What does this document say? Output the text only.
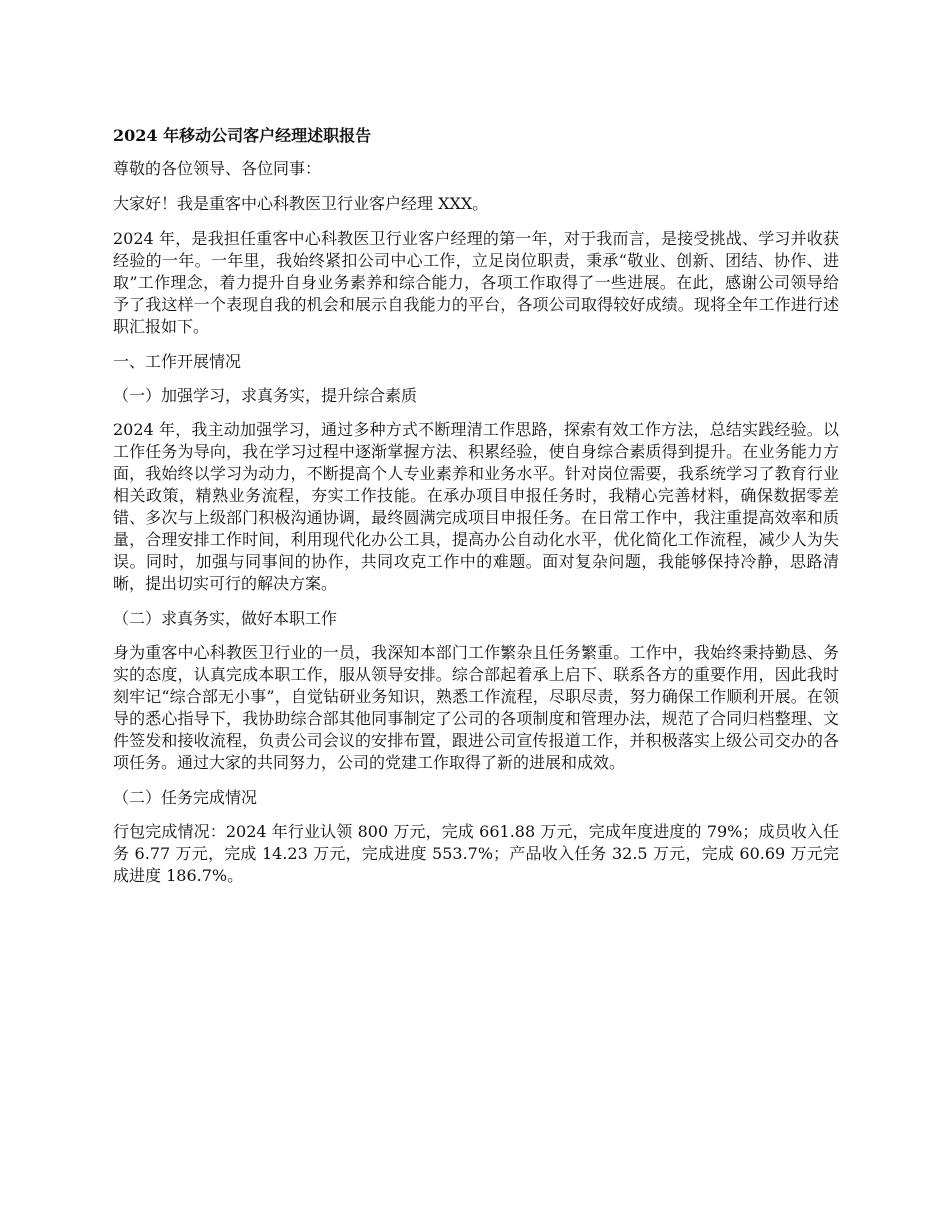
2024 年移动公司客户经理述职报告
尊敬的各位领导、各位同事：
大家好！我是重客中心科教医卫行业客户经理 XXX。
2024 年，是我担任重客中心科教医卫行业客户经理的第一年，对于我而言，是接受挑战、学习并收获经验的一年。一年里，我始终紧扣公司中心工作，立足岗位职责，秉承“敬业、创新、团结、协作、进取”工作理念，着力提升自身业务素养和综合能力，各项工作取得了一些进展。在此，感谢公司领导给予了我这样一个表现自我的机会和展示自我能力的平台，各项公司取得较好成绩。现将全年工作进行述职汇报如下。
一、工作开展情况
（一）加强学习，求真务实，提升综合素质
2024 年，我主动加强学习，通过多种方式不断理清工作思路，探索有效工作方法，总结实践经验。以工作任务为导向，我在学习过程中逐渐掌握方法、积累经验，使自身综合素质得到提升。在业务能力方面，我始终以学习为动力，不断提高个人专业素养和业务水平。针对岗位需要，我系统学习了教育行业相关政策，精熟业务流程，夯实工作技能。在承办项目申报任务时，我精心完善材料，确保数据零差错、多次与上级部门积极沟通协调，最终圆满完成项目申报任务。在日常工作中，我注重提高效率和质量，合理安排工作时间，利用现代化办公工具，提高办公自动化水平，优化简化工作流程，减少人为失误。同时，加强与同事间的协作，共同攻克工作中的难题。面对复杂问题，我能够保持冷静，思路清晰，提出切实可行的解决方案。
（二）求真务实，做好本职工作
身为重客中心科教医卫行业的一员，我深知本部门工作繁杂且任务繁重。工作中，我始终秉持勤恳、务实的态度，认真完成本职工作，服从领导安排。综合部起着承上启下、联系各方的重要作用，因此我时刻牢记“综合部无小事”，自觉钻研业务知识，熟悉工作流程，尽职尽责，努力确保工作顺利开展。在领导的悉心指导下，我协助综合部其他同事制定了公司的各项制度和管理办法，规范了合同归档整理、文件签发和接收流程，负责公司会议的安排布置，跟进公司宣传报道工作，并积极落实上级公司交办的各项任务。通过大家的共同努力，公司的党建工作取得了新的进展和成效。
（二）任务完成情况
行包完成情况：2024 年行业认领 800 万元，完成 661.88 万元，完成年度进度的 79%；成员收入任务 6.77 万元，完成 14.23 万元，完成进度 553.7%；产品收入任务 32.5 万元，完成 60.69 万元完成进度 186.7%。
